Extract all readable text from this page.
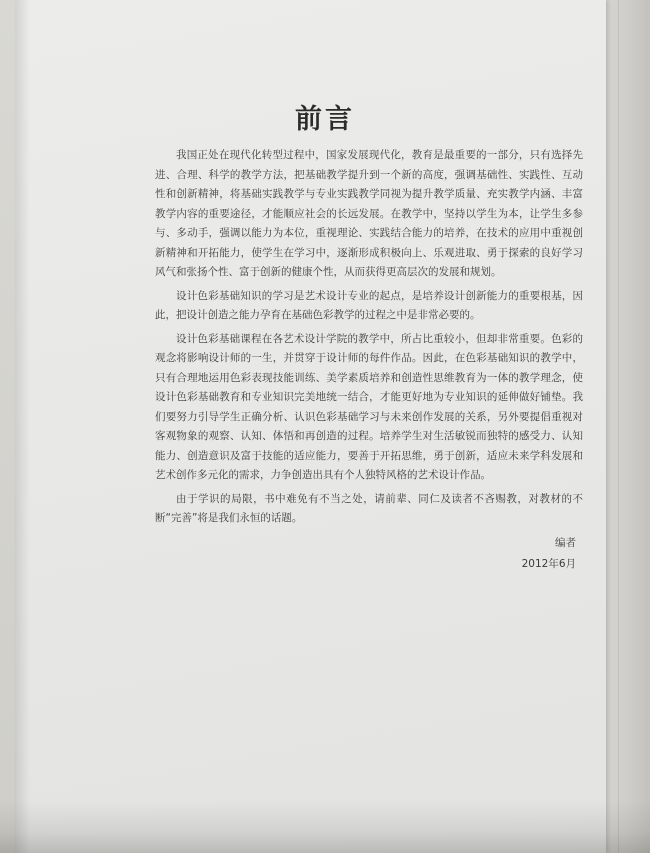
前言

我国正处在现代化转型过程中，国家发展现代化，教育是最重要的一部分，只有选择先进、合理、科学的教学方法，把基础教学提升到一个新的高度，强调基础性、实践性、互动性和创新精神，将基础实践教学与专业实践教学同视为提升教学质量、充实教学内涵、丰富教学内容的重要途径，才能顺应社会的长远发展。在教学中，坚持以学生为本，让学生多参与、多动手，强调以能力为本位，重视理论、实践结合能力的培养，在技术的应用中重视创新精神和开拓能力，使学生在学习中，逐渐形成积极向上、乐观进取、勇于探索的良好学习风气和张扬个性、富于创新的健康个性，从而获得更高层次的发展和规划。

设计色彩基础知识的学习是艺术设计专业的起点，是培养设计创新能力的重要根基，因此，把设计创造之能力孕育在基础色彩教学的过程之中是非常必要的。

设计色彩基础课程在各艺术设计学院的教学中，所占比重较小，但却非常重要。色彩的观念将影响设计师的一生，并贯穿于设计师的每件作品。因此，在色彩基础知识的教学中，只有合理地运用色彩表现技能训练、美学素质培养和创造性思维教育为一体的教学理念，使设计色彩基础教育和专业知识完美地统一结合，才能更好地为专业知识的延伸做好铺垫。我们要努力引导学生正确分析、认识色彩基础学习与未来创作发展的关系，另外要提倡重视对客观物象的观察、认知、体悟和再创造的过程。培养学生对生活敏锐而独特的感受力、认知能力、创造意识及富于技能的适应能力，要善于开拓思维，勇于创新，适应未来学科发展和艺术创作多元化的需求，力争创造出具有个人独特风格的艺术设计作品。

由于学识的局限，书中难免有不当之处，请前辈、同仁及读者不吝赐教，对教材的不断“完善”将是我们永恒的话题。

编者
2012年6月
